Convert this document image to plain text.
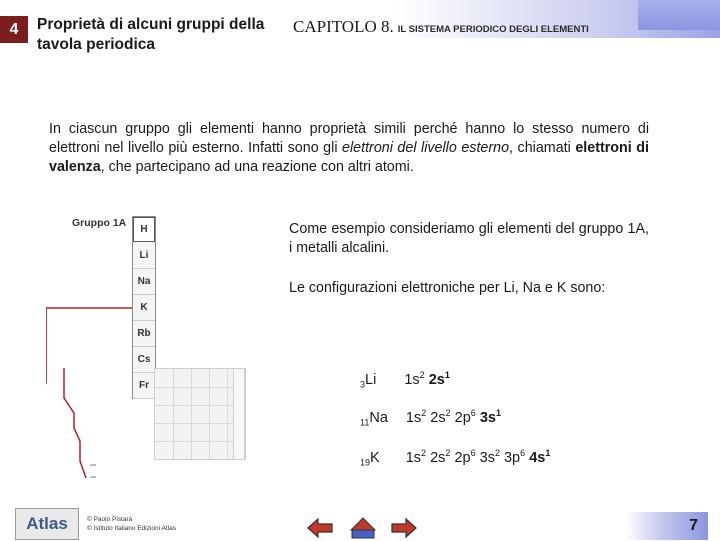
4	Proprietà di alcuni gruppi della tavola periodica
CAPITOLO 8. IL SISTEMA PERIODICO DEGLI ELEMENTI
In ciascun gruppo gli elementi hanno proprietà simili perché hanno lo stesso numero di elettroni nel livello più esterno. Infatti sono gli elettroni del livello esterno, chiamati elettroni di valenza, che partecipano ad una reazione con altri atomi.
Come esempio consideriamo gli elementi del gruppo 1A, i metalli alcalini.
Le configurazioni elettroniche per Li, Na e K sono:
Gruppo 1A
H
Li
Na
K
Rb
Cs
Fr	$_3$Li $1s^2$ $2s^1$
$_{11}$Na $1s^2$ $2s^2$ $2p^6$ $3s^1$
$_{19}$K $1s^2$ $2s^2$ $2p^6$ $3s^2$ $3p^6$ $4s^1$
Atlas	© Paolo Pistarà
© Istituto Italiano Edizioni Atlas	7
